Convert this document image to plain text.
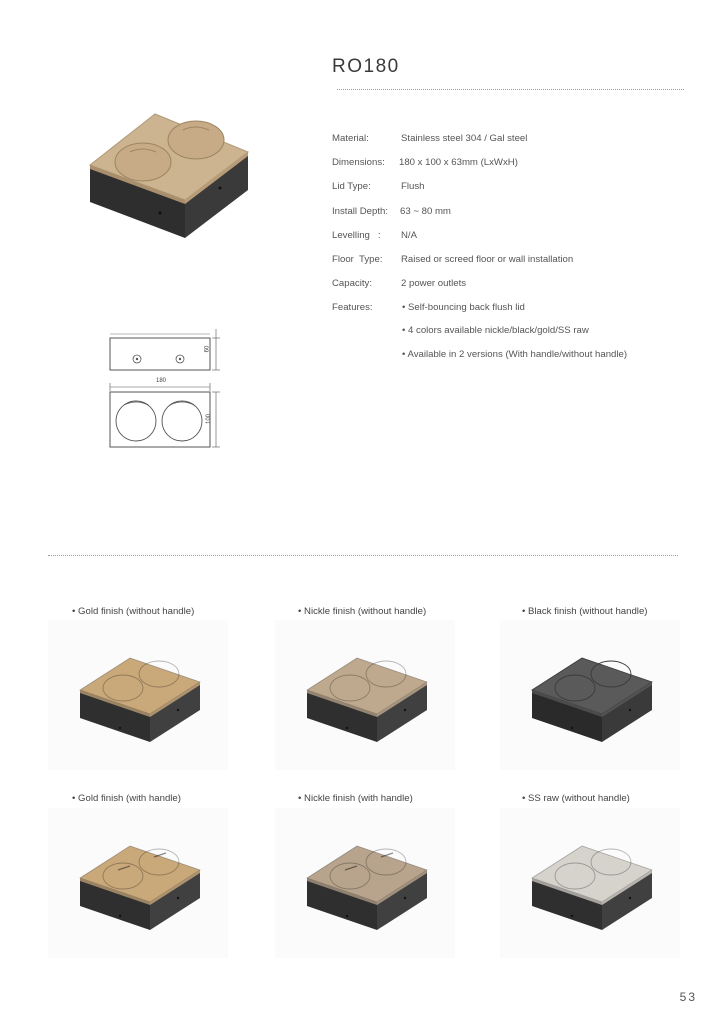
RO180
60
180
100
Material:	Stainless steel 304 / Gal steel
Dimensions: 180 x 100 x 63mm (LxWxH)
Lid Type:	Flush
Install Depth: 63 ~ 80 mm
Levelling   : N/A
Floor  Type: Raised or screed floor or wall installation
Capacity:	2 power outlets
Features:	• Self-bouncing back flush lid
• 4 colors available nickle/black/gold/SS raw
• Available in 2 versions (With handle/without handle)
• Gold finish (without handle)	• Nickle finish (without handle)	• Black finish (without handle)
• Gold finish (with handle)	• Nickle finish (with handle)	• SS raw (without handle)
53
